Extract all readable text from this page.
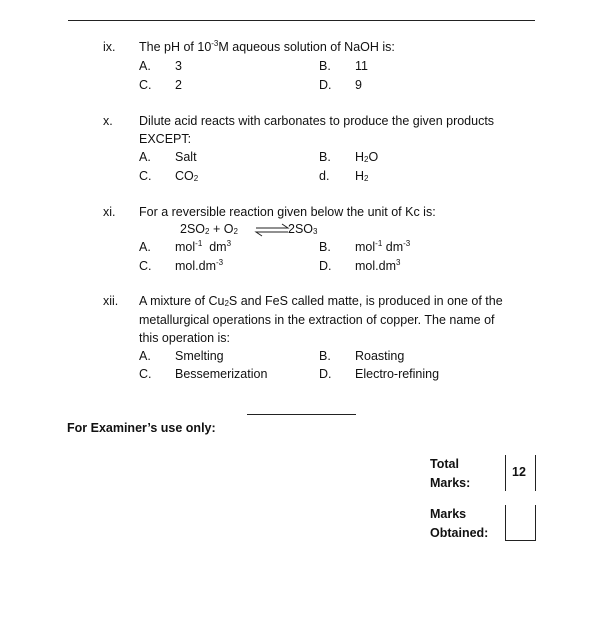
ix. The pH of $10^{-3}M$ aqueous solution of NaOH is:
A. 3	B. 11
C. 2	D. 9
x. Dilute acid reacts with carbonates to produce the given products
EXCEPT:
A. Salt	B. $H_2O$
C. $CO_2$	d. $H_2$
xi. For a reversible reaction given below the unit of Kc is:
$2SO_2 + O_2$ ⇌
$2SO_3$
A. mol$^{-1}$  $dm^3$	B. mol$^{-1}$ $dm^{-3}$
C. $mol.dm^{-3}$	D. $mol.dm^3$
xii. A mixture of $Cu_2S$ and FeS called matte, is produced in one of the
metallurgical operations in the extraction of copper. The name of
this operation is:
A. Smelting	B. Roasting
C. Bessemerization	D. Electro-refining
For Examiner’s use only:
Total
Marks:
12
Marks
Obtained:
